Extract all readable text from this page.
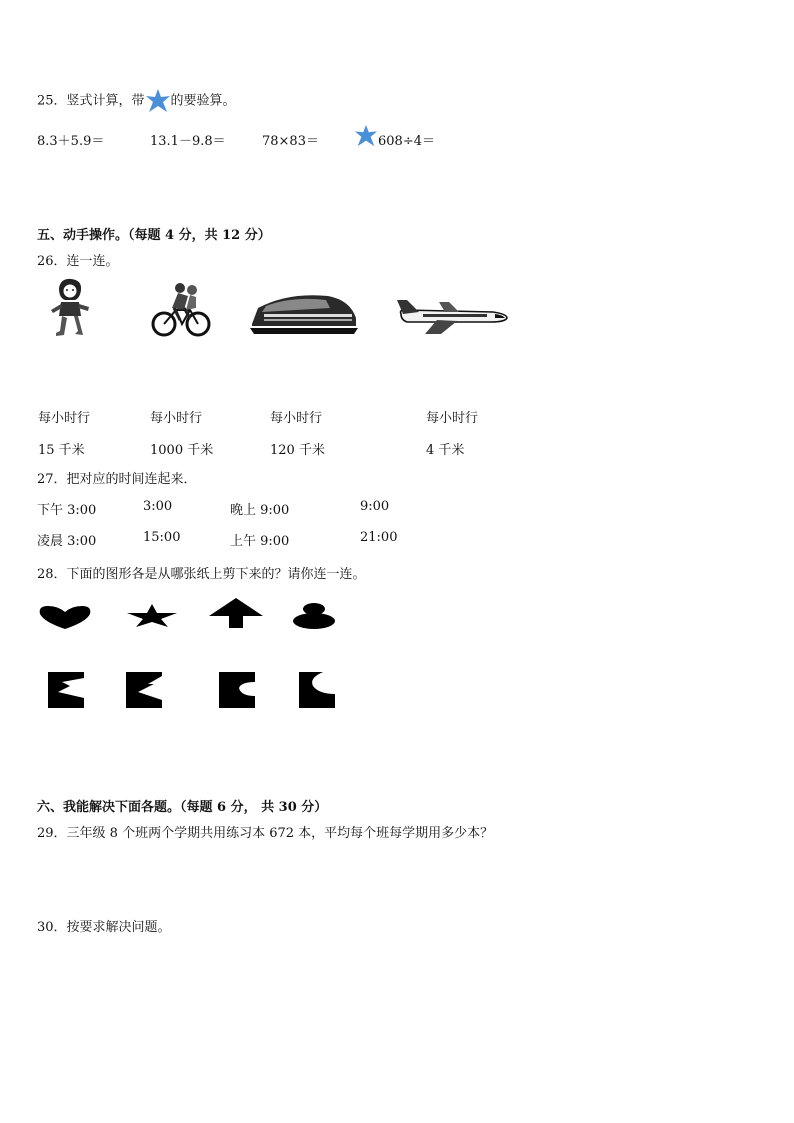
25．竖式计算，带 的要验算。
8.3＋5.9＝	13.1－9.8＝	78×83＝	608÷4＝
五、动手操作。（每题 4 分，共 12 分）
26．连一连。
每小时行	每小时行	每小时行	每小时行
15 千米	1000 千米	120 千米	4 千米
27．把对应的时间连起来．
下午 3:00	3:00	晚上 9:00	9:00
凌晨 3:00	15:00	上午 9:00	21:00
28．下面的图形各是从哪张纸上剪下来的？请你连一连。
六、我能解决下面各题。（每题 6 分， 共 30 分）
29．三年级 8 个班两个学期共用练习本 672 本，平均每个班每学期用多少本？
30．按要求解决问题。
